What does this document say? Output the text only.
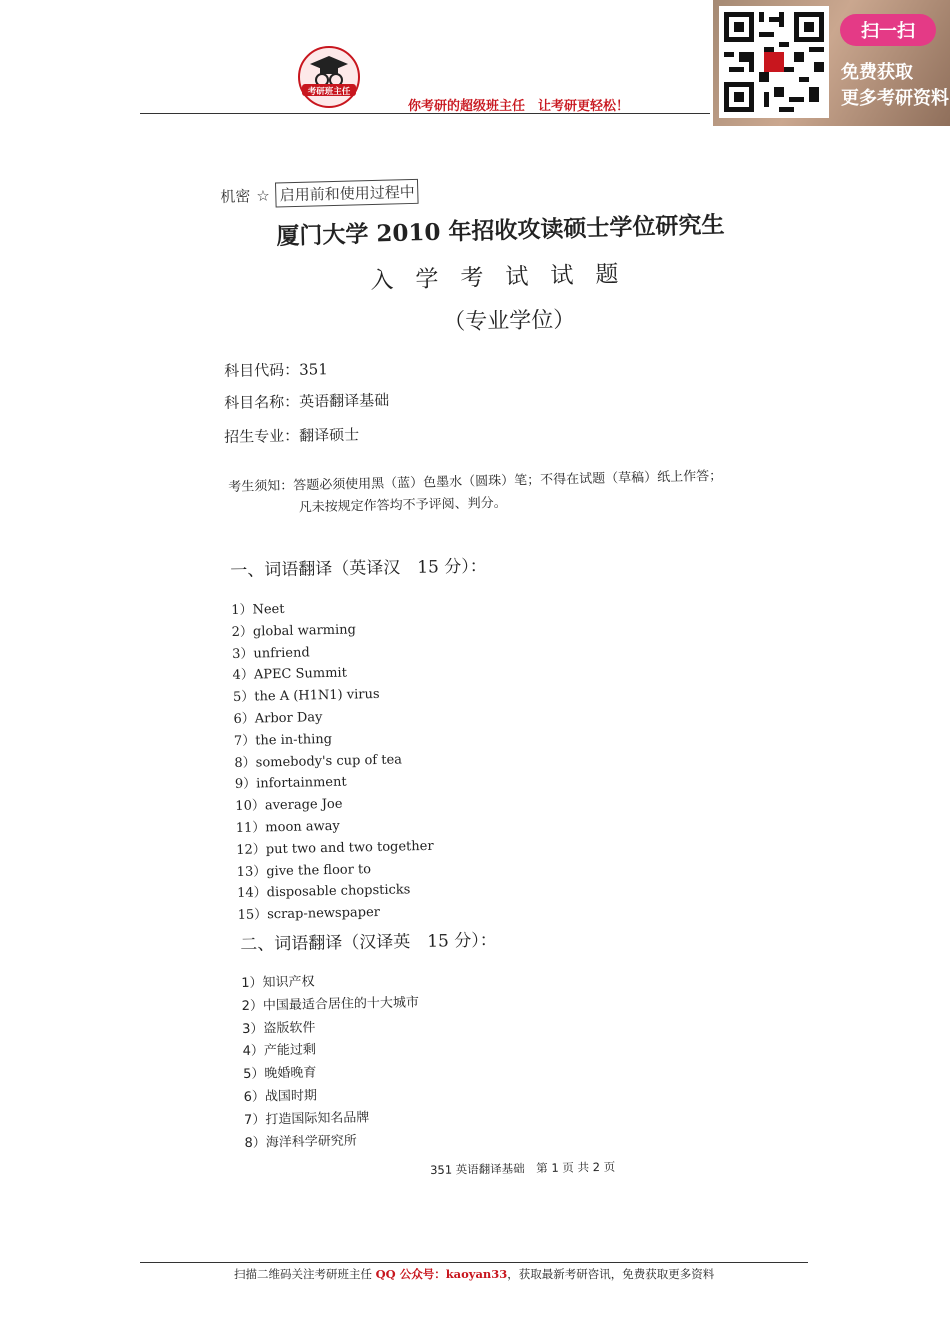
考研班主任
你考研的超级班主任　让考研更轻松！
扫一扫
免费获取
更多考研资料
机密 ☆ 启用前和使用过程中
厦门大学 2010 年招收攻读硕士学位研究生
入学考试试题
（专业学位）
科目代码：351
科目名称：英语翻译基础
招生专业：翻译硕士
考生须知：答题必须使用黑（蓝）色墨水（圆珠）笔；不得在试题（草稿）纸上作答；
凡未按规定作答均不予评阅、判分。
一、词语翻译（英译汉　15 分）：
1）Neet
2）global warming
3）unfriend
4）APEC Summit
5）the A (H1N1) virus
6）Arbor Day
7）the in-thing
8）somebody's cup of tea
9）infortainment
10）average Joe
11）moon away
12）put two and two together
13）give the floor to
14）disposable chopsticks
15）scrap-newspaper
二、词语翻译（汉译英　15 分）：
1）知识产权
2）中国最适合居住的十大城市
3）盗版软件
4）产能过剩
5）晚婚晚育
6）战国时期
7）打造国际知名品牌
8）海洋科学研究所
351 英语翻译基础　第 1 页 共 2 页
扫描二维码关注考研班主任 QQ 公众号：kaoyan33，获取最新考研咨讯，免费获取更多资料
